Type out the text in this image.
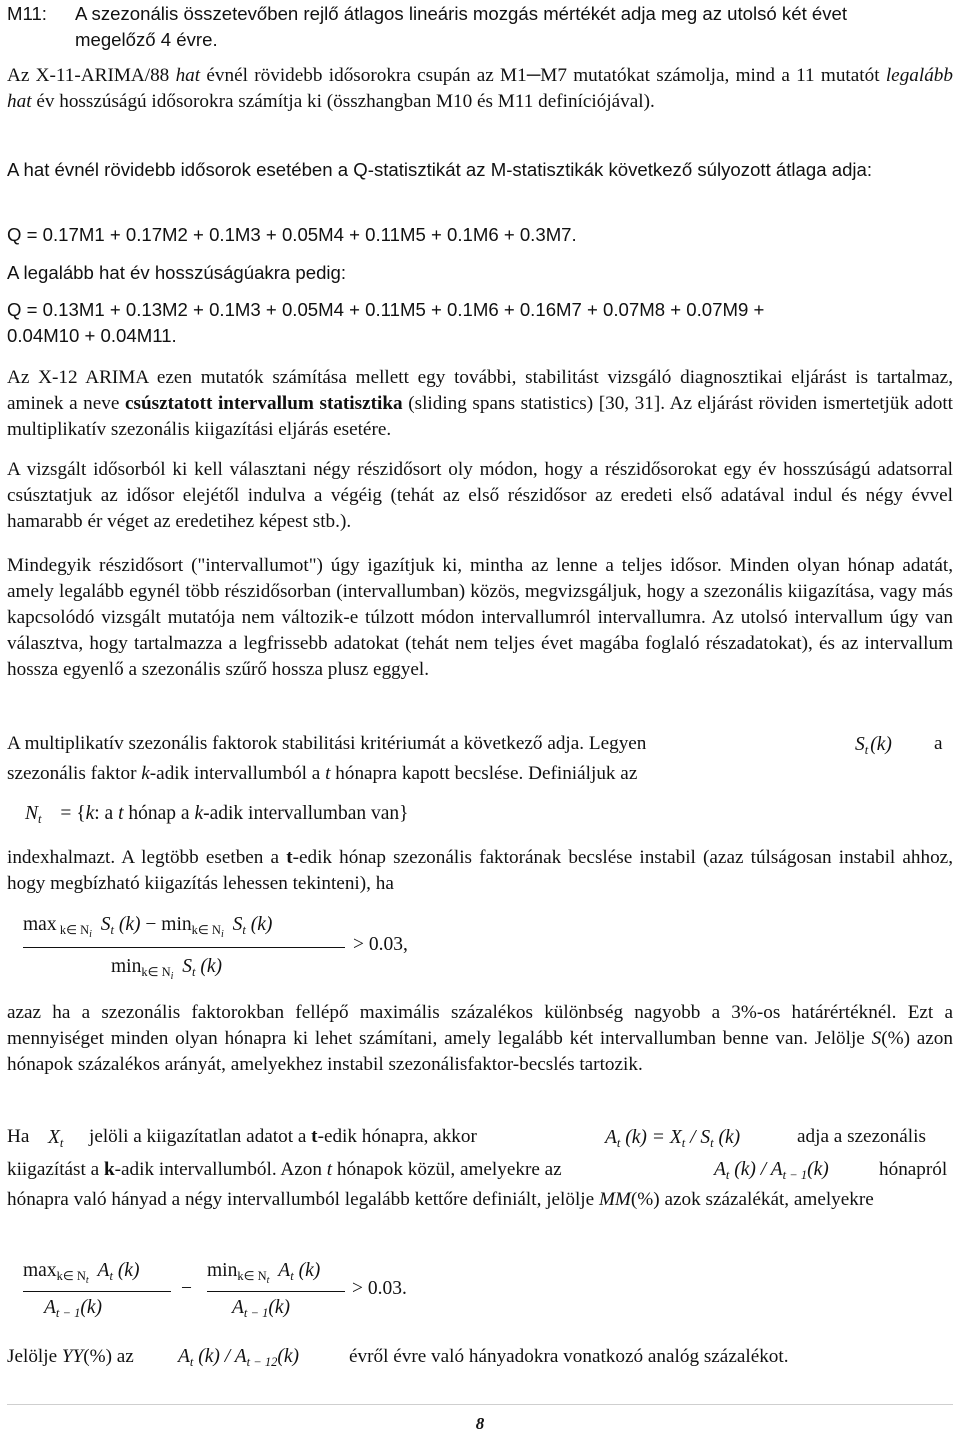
M11: A szezonális összetevőben rejlő átlagos lineáris mozgás mértékét adja meg az utolsó két évet
megelőző 4 évre.

Az X-11-ARIMA/88 hat évnél rövidebb idősorokra csupán az M1─M7 mutatókat számolja, mind a 11 mutatót legalább hat év hosszúságú idősorokra számítja ki (összhangban M10 és M11 definíciójával).

A hat évnél rövidebb idősorok esetében a Q-statisztikát az M-statisztikák következő súlyozott átlaga adja:

Q = 0.17M1 + 0.17M2 + 0.1M3 + 0.05M4 + 0.11M5 + 0.1M6 + 0.3M7.

A legalább hat év hosszúságúakra pedig:

Q = 0.13M1 + 0.13M2 + 0.1M3 + 0.05M4 + 0.11M5 + 0.1M6 + 0.16M7 + 0.07M8 + 0.07M9 +

0.04M10 + 0.04M11.

Az X-12 ARIMA ezen mutatók számítása mellett egy további, stabilitást vizsgáló diagnosztikai eljárást is tartalmaz, aminek a neve csúsztatott intervallum statisztika (sliding spans statistics) [30, 31]. Az eljárást röviden ismertetjük adott multiplikatív szezonális kiigazítási eljárás esetére.

A vizsgált idősorból ki kell választani négy részidősort oly módon, hogy a részidősorokat egy év hosszúságú adatsorral csúsztatjuk az idősor elejétől indulva a végéig (tehát az első részidősor az eredeti első adatával indul és négy évvel hamarabb ér véget az eredetihez képest stb.).

Mindegyik részidősort ("intervallumot") úgy igazítjuk ki, mintha az lenne a teljes idősor. Minden olyan hónap adatát, amely legalább egynél több részidősorban (intervallumban) közös, megvizsgáljuk, hogy a szezonális kiigazítása, vagy más kapcsolódó vizsgált mutatója nem változik-e túlzott módon intervallumról intervallumra. Az utolsó intervallum úgy van választva, hogy tartalmazza a legfrissebb adatokat (tehát nem teljes évet magába foglaló részadatokat), és az intervallum hossza egyenlő a szezonális szűrő hossza plusz eggyel.

A multiplikatív szezonális faktorok stabilitási kritériumát a következő adja. Legyen	$S_t$ (k) a
szezonális faktor k-adik intervallumból a t hónapra kapott becslése. Definiáljuk az
$N_t = \{k$: a t hónap a k-adik intervallumban van}

indexhalmazt. A legtöbb esetben a t-edik hónap szezonális faktorának becslése instabil (azaz túlságosan instabil ahhoz, hogy megbízható kiigazítás lehessen tekinteni), ha

max $_{k\in Ni}$ $S_t$ $(k) - \min_{k\in Ni} S_t$ (k)
> 0.03,
$\min_{k\in Ni} S_t$ (k)

azaz ha a szezonális faktorokban fellépő maximális százalékos különbség nagyobb a 3%-os határértéknél. Ezt a mennyiséget minden olyan hónapra ki lehet számítani, amely legalább két intervallumban benne van. Jelölje S(%) azon hónapok százalékos arányát, amelyekhez instabil szezonálisfaktor-becslés tartozik.

Ha $X_t$ jelöli a kiigazítatlan adatot a t-edik hónapra, akkor	$A_t$ $(k) = X_t / S_t$ (k)	adja a szezonális
kiigazítást a k-adik intervallumból. Azon t hónapok közül, amelyekre az	$A_t$ $(k) / A_{t - 1}(k)$	hónapról
hónapra való hányad a négy intervallumból legalább kettőre definiált, jelölje MM(%) azok százalékát, amelyekre
$\max_{k\in Nt} A_t$ (k)
$A_{t - 1}(k)$
−
$\min_{k\in Nt} A_t$ (k)
$A_{t - 1}(k)$
> 0.03.
Jelölje YY(%) az $A_t$ $(k) / A_{t - 12}(k)$	évről évre való hányadokra vonatkozó analóg százalékot.
8
